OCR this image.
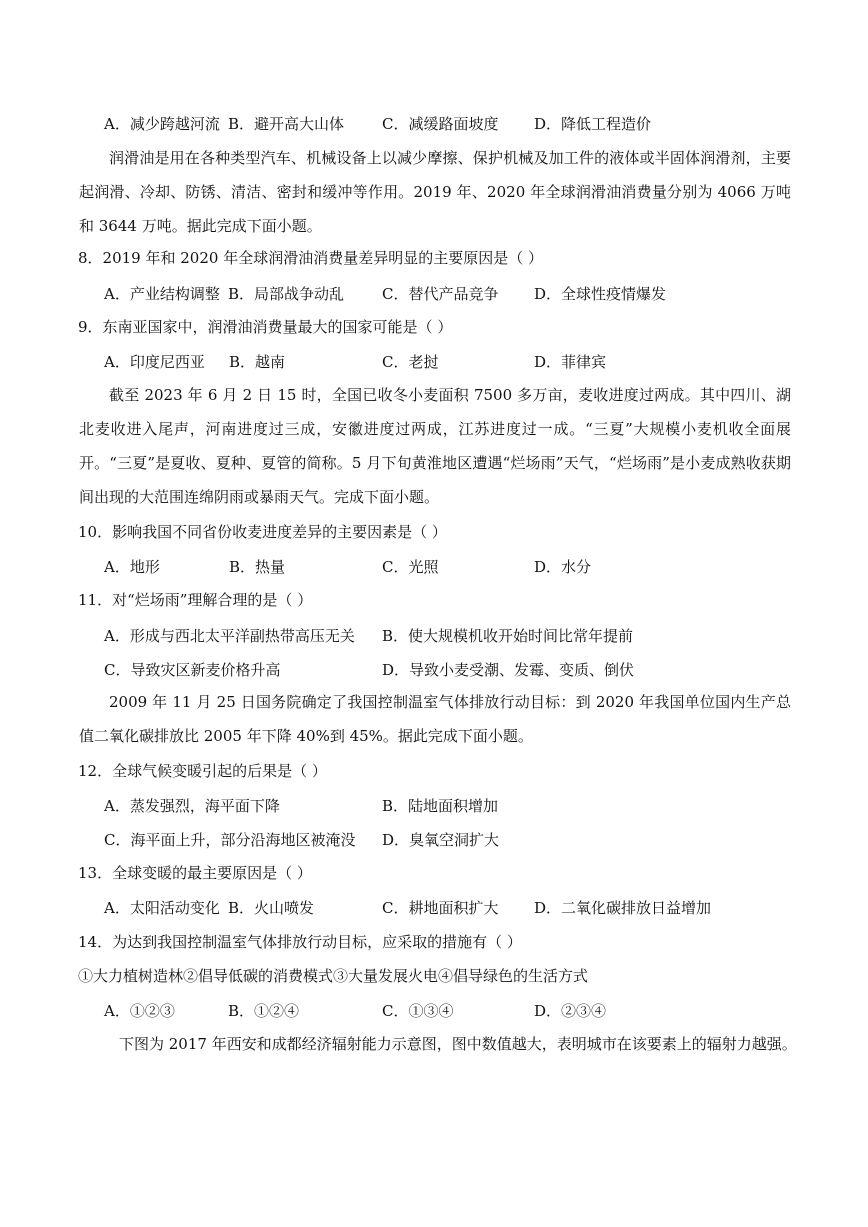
A．减少跨越河流 B．避开高大山体	C．减缓路面坡度 D．降低工程造价
润滑油是用在各种类型汽车、机械设备上以减少摩擦、保护机械及加工件的液体或半固体润滑剂，主要起润滑、冷却、防锈、清洁、密封和缓冲等作用。2019 年、2020 年全球润滑油消费量分别为 4066 万吨和 3644 万吨。据此完成下面小题。
8．2019 年和 2020 年全球润滑油消费量差异明显的主要原因是（ ）
A．产业结构调整 B．局部战争动乱	C．替代产品竞争 D．全球性疫情爆发
9．东南亚国家中，润滑油消费量最大的国家可能是（ ）
A．印度尼西亚 B．越南	C．老挝	D．菲律宾
截至 2023 年 6 月 2 日 15 时，全国已收冬小麦面积 7500 多万亩，麦收进度过两成。其中四川、湖北麦收进入尾声，河南进度过三成，安徽进度过两成，江苏进度过一成。“三夏”大规模小麦机收全面展开。“三夏”是夏收、夏种、夏管的简称。5 月下旬黄淮地区遭遇“烂场雨”天气，“烂场雨”是小麦成熟收获期间出现的大范围连绵阴雨或暴雨天气。完成下面小题。
10．影响我国不同省份收麦进度差异的主要因素是（ ）
A．地形	B．热量	C．光照	D．水分
11．对“烂场雨”理解合理的是（ ）
A．形成与西北太平洋副热带高压无关 B．使大规模机收开始时间比常年提前
C．导致灾区新麦价格升高	D．导致小麦受潮、发霉、变质、倒伏
2009 年 11 月 25 日国务院确定了我国控制温室气体排放行动目标：到 2020 年我国单位国内生产总值二氧化碳排放比 2005 年下降 40%到 45%。据此完成下面小题。
12．全球气候变暖引起的后果是（ ）
A．蒸发强烈，海平面下降	B．陆地面积增加
C．海平面上升，部分沿海地区被淹没 D．臭氧空洞扩大
13．全球变暖的最主要原因是（ ）
A．太阳活动变化 B．火山喷发	C．耕地面积扩大 D．二氧化碳排放日益增加
14．为达到我国控制温室气体排放行动目标，应采取的措施有（ ）
①大力植树造林②倡导低碳的消费模式③大量发展火电④倡导绿色的生活方式
A．①②③	B．①②④	C．①③④	D．②③④
下图为 2017 年西安和成都经济辐射能力示意图，图中数值越大，表明城市在该要素上的辐射力越强。
